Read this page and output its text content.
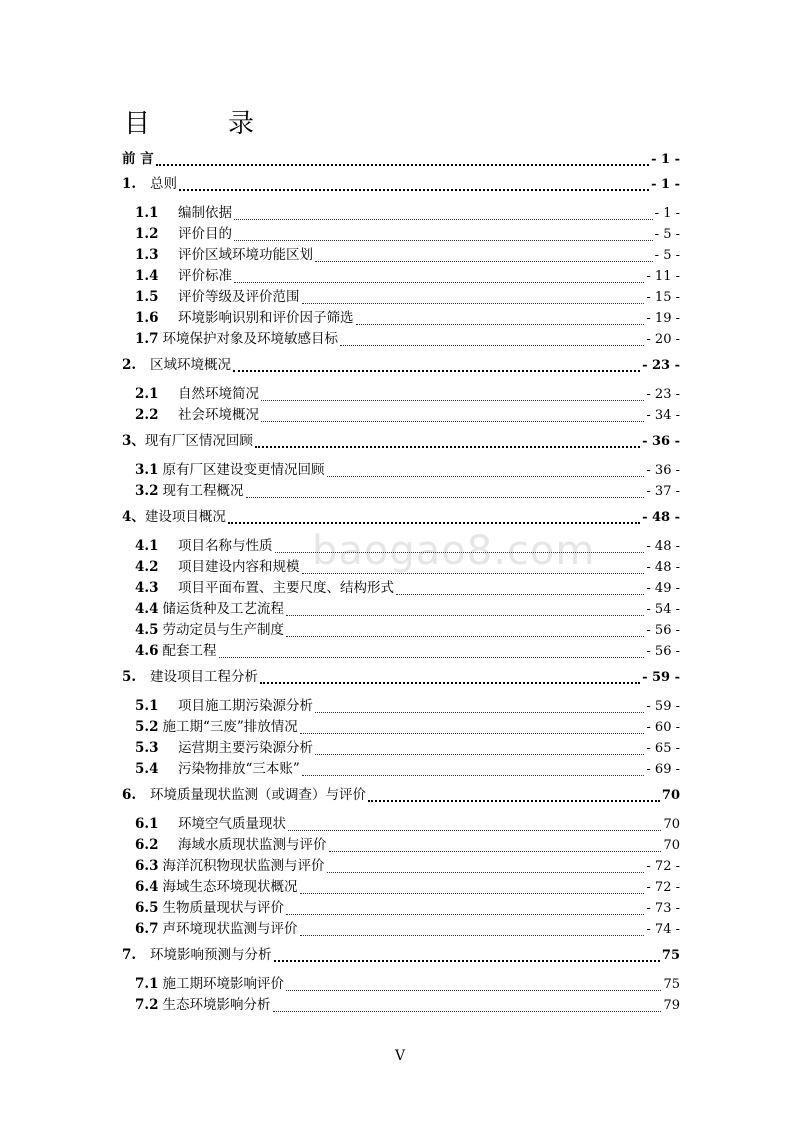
目　录
baogao8.com
前 言	- 1 -
1.	总则	- 1 -
1.1	编制依据	- 1 -
1.2	评价目的	- 5 -
1.3	评价区域环境功能区划	- 5 -
1.4	评价标准	- 11 -
1.5	评价等级及评价范围	- 15 -
1.6	环境影响识别和评价因子筛选	- 19 -
1.7 环境保护对象及环境敏感目标	- 20 -
2.	区域环境概况	- 23 -
2.1	自然环境简况	- 23 -
2.2	社会环境概况	- 34 -
3、 现有厂区情况回顾	- 36 -
3.1 原有厂区建设变更情况回顾	- 36 -
3.2 现有工程概况	- 37 -
4、 建设项目概况	- 48 -
4.1	项目名称与性质	- 48 -
4.2	项目建设内容和规模	- 48 -
4.3	项目平面布置、主要尺度、结构形式	- 49 -
4.4 储运货种及工艺流程	- 54 -
4.5 劳动定员与生产制度	- 56 -
4.6 配套工程	- 56 -
5.	建设项目工程分析	- 59 -
5.1	项目施工期污染源分析	- 59 -
5.2 施工期“三废”排放情况	- 60 -
5.3	运营期主要污染源分析	- 65 -
5.4	污染物排放“三本账”	- 69 -
6.	环境质量现状监测（或调查）与评价	70
6.1	环境空气质量现状	70
6.2	海域水质现状监测与评价	70
6.3 海洋沉积物现状监测与评价	- 72 -
6.4 海域生态环境现状概况	- 72 -
6.5 生物质量现状与评价	- 73 -
6.7 声环境现状监测与评价	- 74 -
7.	环境影响预测与分析	75
7.1 施工期环境影响评价	75
7.2 生态环境影响分析	79
V
